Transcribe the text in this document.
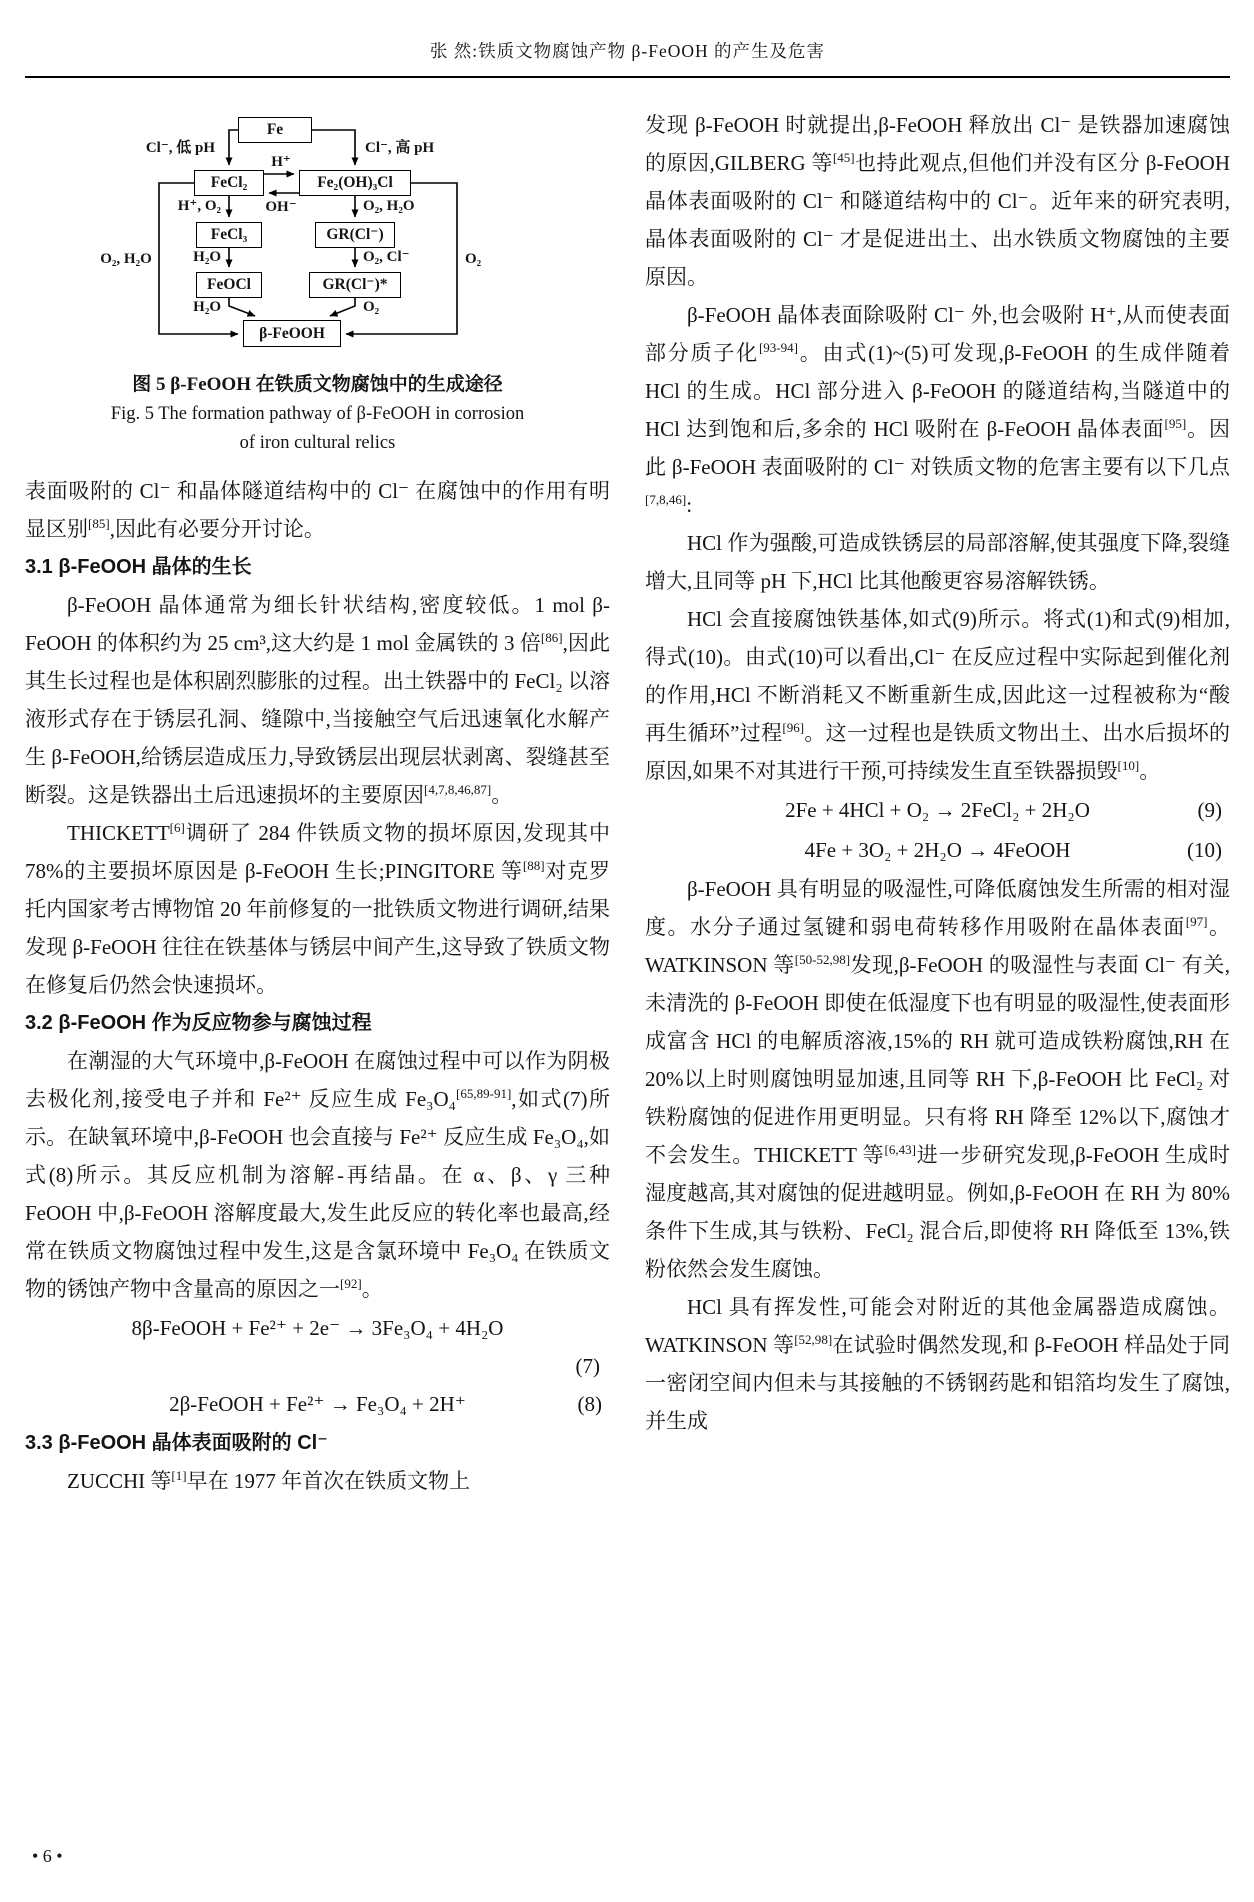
张 然:铁质文物腐蚀产物 β-FeOOH 的产生及危害
Fe
FeCl₂	Fe₂(OH)₃Cl
FeCl₃	GR(Cl⁻)
FeOCl	GR(Cl⁻)*
β-FeOOH
Cl⁻, 低 pH	Cl⁻, 高 pH
H⁺
OH⁻
H⁺, O₂	O₂, H₂O
H₂O	O₂, Cl⁻
H₂O	O₂
O₂, H₂O	O₂
图 5 β-FeOOH 在铁质文物腐蚀中的生成途径
Fig. 5 The formation pathway of β-FeOOH in corrosion
of iron cultural relics

表面吸附的 Cl⁻ 和晶体隧道结构中的 Cl⁻ 在腐蚀中的作用有明显区别[85],因此有必要分开讨论。

3.1 β-FeOOH 晶体的生长

β-FeOOH 晶体通常为细长针状结构,密度较低。1 mol β-FeOOH 的体积约为 25 cm³,这大约是 1 mol 金属铁的 3 倍[86],因此其生长过程也是体积剧烈膨胀的过程。出土铁器中的 FeCl₂ 以溶液形式存在于锈层孔洞、缝隙中,当接触空气后迅速氧化水解产生 β-FeOOH,给锈层造成压力,导致锈层出现层状剥离、裂缝甚至断裂。这是铁器出土后迅速损坏的主要原因[4,7,8,46,87]。

THICKETT[6]调研了 284 件铁质文物的损坏原因,发现其中 78%的主要损坏原因是 β-FeOOH 生长;PINGITORE 等[88]对克罗托内国家考古博物馆 20 年前修复的一批铁质文物进行调研,结果发现 β-FeOOH 往往在铁基体与锈层中间产生,这导致了铁质文物在修复后仍然会快速损坏。

3.2 β-FeOOH 作为反应物参与腐蚀过程

在潮湿的大气环境中,β-FeOOH 在腐蚀过程中可以作为阴极去极化剂,接受电子并和 Fe²⁺ 反应生成 Fe₃O₄[65,89-91],如式(7)所示。在缺氧环境中,β-FeOOH 也会直接与 Fe²⁺ 反应生成 Fe₃O₄,如式(8)所示。其反应机制为溶解-再结晶。在 α、β、γ 三种 FeOOH 中,β-FeOOH 溶解度最大,发生此反应的转化率也最高,经常在铁质文物腐蚀过程中发生,这是含氯环境中 Fe₃O₄ 在铁质文物的锈蚀产物中含量高的原因之一[92]。

8β-FeOOH + Fe²⁺ + 2e⁻ → 3Fe₃O₄ + 4H₂O
(7)
2β-FeOOH + Fe²⁺ → Fe₃O₄ + 2H⁺	(8)
3.3 β-FeOOH 晶体表面吸附的 Cl⁻

ZUCCHI 等[1]早在 1977 年首次在铁质文物上

发现 β-FeOOH 时就提出,β-FeOOH 释放出 Cl⁻ 是铁器加速腐蚀的原因,GILBERG 等[45]也持此观点,但他们并没有区分 β-FeOOH 晶体表面吸附的 Cl⁻ 和隧道结构中的 Cl⁻。近年来的研究表明,晶体表面吸附的 Cl⁻ 才是促进出土、出水铁质文物腐蚀的主要原因。

β-FeOOH 晶体表面除吸附 Cl⁻ 外,也会吸附 H⁺,从而使表面部分质子化[93-94]。由式(1)~(5)可发现,β-FeOOH 的生成伴随着 HCl 的生成。HCl 部分进入 β-FeOOH 的隧道结构,当隧道中的 HCl 达到饱和后,多余的 HCl 吸附在 β-FeOOH 晶体表面[95]。因此 β-FeOOH 表面吸附的 Cl⁻ 对铁质文物的危害主要有以下几点[7,8,46]:

HCl 作为强酸,可造成铁锈层的局部溶解,使其强度下降,裂缝增大,且同等 pH 下,HCl 比其他酸更容易溶解铁锈。

HCl 会直接腐蚀铁基体,如式(9)所示。将式(1)和式(9)相加,得式(10)。由式(10)可以看出,Cl⁻ 在反应过程中实际起到催化剂的作用,HCl 不断消耗又不断重新生成,因此这一过程被称为“酸再生循环”过程[96]。这一过程也是铁质文物出土、出水后损坏的原因,如果不对其进行干预,可持续发生直至铁器损毁[10]。

2Fe + 4HCl + O₂ → 2FeCl₂ + 2H₂O	(9)
4Fe + 3O₂ + 2H₂O → 4FeOOH	(10)

β-FeOOH 具有明显的吸湿性,可降低腐蚀发生所需的相对湿度。水分子通过氢键和弱电荷转移作用吸附在晶体表面[97]。WATKINSON 等[50-52,98]发现,β-FeOOH 的吸湿性与表面 Cl⁻ 有关,未清洗的 β-FeOOH 即使在低湿度下也有明显的吸湿性,使表面形成富含 HCl 的电解质溶液,15%的 RH 就可造成铁粉腐蚀,RH 在 20%以上时则腐蚀明显加速,且同等 RH 下,β-FeOOH 比 FeCl₂ 对铁粉腐蚀的促进作用更明显。只有将 RH 降至 12%以下,腐蚀才不会发生。THICKETT 等[6,43]进一步研究发现,β-FeOOH 生成时湿度越高,其对腐蚀的促进越明显。例如,β-FeOOH 在 RH 为 80%条件下生成,其与铁粉、FeCl₂ 混合后,即使将 RH 降低至 13%,铁粉依然会发生腐蚀。

HCl 具有挥发性,可能会对附近的其他金属器造成腐蚀。WATKINSON 等[52,98]在试验时偶然发现,和 β-FeOOH 样品处于同一密闭空间内但未与其接触的不锈钢药匙和铝箔均发生了腐蚀,并生成

• 6 •
